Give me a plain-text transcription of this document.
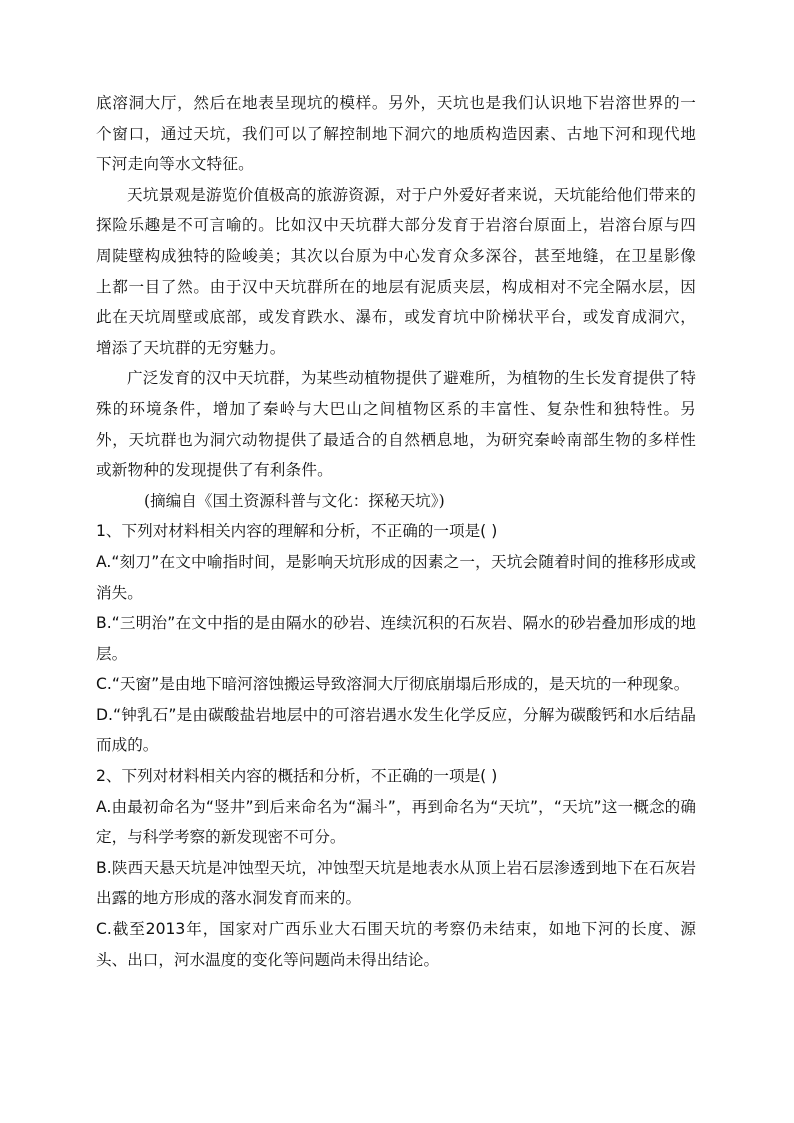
底溶洞大厅，然后在地表呈现坑的模样。另外，天坑也是我们认识地下岩溶世界的一个窗口，通过天坑，我们可以了解控制地下洞穴的地质构造因素、古地下河和现代地下河走向等水文特征。

天坑景观是游览价值极高的旅游资源，对于户外爱好者来说，天坑能给他们带来的探险乐趣是不可言喻的。比如汉中天坑群大部分发育于岩溶台原面上，岩溶台原与四周陡壁构成独特的险峻美；其次以台原为中心发育众多深谷，甚至地缝，在卫星影像上都一目了然。由于汉中天坑群所在的地层有泥质夹层，构成相对不完全隔水层，因此在天坑周壁或底部，或发育跌水、瀑布，或发育坑中阶梯状平台，或发育成洞穴，增添了天坑群的无穷魅力。

广泛发育的汉中天坑群，为某些动植物提供了避难所，为植物的生长发育提供了特殊的环境条件，增加了秦岭与大巴山之间植物区系的丰富性、复杂性和独特性。另外，天坑群也为洞穴动物提供了最适合的自然栖息地，为研究秦岭南部生物的多样性或新物种的发现提供了有利条件。

(摘编自《国土资源科普与文化：探秘天坑》)

1、下列对材料相关内容的理解和分析，不正确的一项是( )

A.“刻刀”在文中喻指时间，是影响天坑形成的因素之一，天坑会随着时间的推移形成或消失。

B.“三明治”在文中指的是由隔水的砂岩、连续沉积的石灰岩、隔水的砂岩叠加形成的地层。

C.“天窗”是由地下暗河溶蚀搬运导致溶洞大厅彻底崩塌后形成的，是天坑的一种现象。

D.“钟乳石”是由碳酸盐岩地层中的可溶岩遇水发生化学反应，分解为碳酸钙和水后结晶而成的。

2、下列对材料相关内容的概括和分析，不正确的一项是( )

A.由最初命名为“竖井”到后来命名为“漏斗”，再到命名为“天坑”，“天坑”这一概念的确定，与科学考察的新发现密不可分。

B.陕西天悬天坑是冲蚀型天坑，冲蚀型天坑是地表水从顶上岩石层渗透到地下在石灰岩出露的地方形成的落水洞发育而来的。

C.截至2013年，国家对广西乐业大石围天坑的考察仍未结束，如地下河的长度、源头、出口，河水温度的变化等问题尚未得出结论。
